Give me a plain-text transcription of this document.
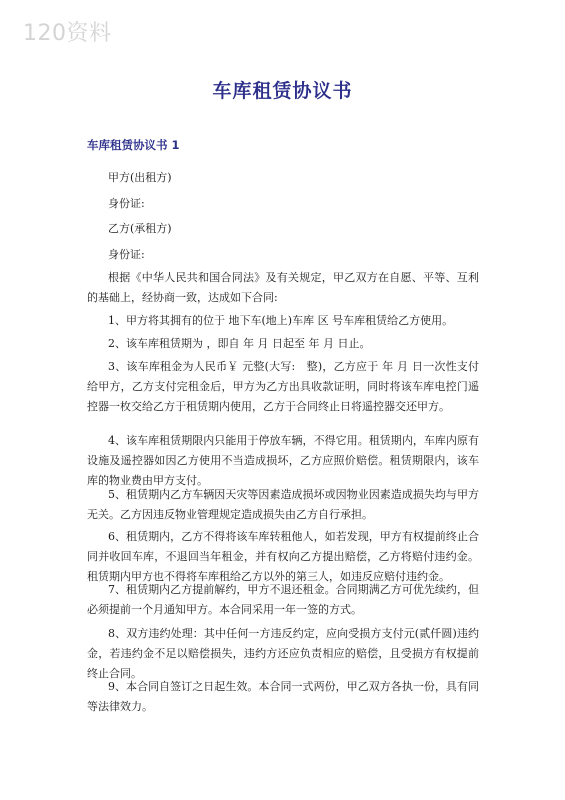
120资料
车库租赁协议书
车库租赁协议书 1
甲方(出租方)
身份证:
乙方(承租方)
身份证:

根据《中华人民共和国合同法》及有关规定，甲乙双方在自愿、平等、互利的基础上，经协商一致，达成如下合同:

1、甲方将其拥有的位于 地下车(地上)车库 区 号车库租赁给乙方使用。

2、该车库租赁期为 ，即自 年 月 日起至 年 月 日止。

3、该车库租金为人民币￥ 元整(大写:　整)，乙方应于 年 月 日一次性支付给甲方，乙方支付完租金后，甲方为乙方出具收款证明，同时将该车库电控门遥控器一枚交给乙方于租赁期内使用，乙方于合同终止日将遥控器交还甲方。

4、该车库租赁期限内只能用于停放车辆，不得它用。租赁期内，车库内原有设施及遥控器如因乙方使用不当造成损坏，乙方应照价赔偿。租赁期限内，该车库的物业费由甲方支付。

5、租赁期内乙方车辆因天灾等因素造成损坏或因物业因素造成损失均与甲方无关。乙方因违反物业管理规定造成损失由乙方自行承担。

6、租赁期内，乙方不得将该车库转租他人，如若发现，甲方有权提前终止合同并收回车库，不退回当年租金，并有权向乙方提出赔偿，乙方将赔付违约金。租赁期内甲方也不得将车库租给乙方以外的第三人，如违反应赔付违约金。

7、租赁期内乙方提前解约，甲方不退还租金。合同期满乙方可优先续约，但必须提前一个月通知甲方。本合同采用一年一签的方式。

8、双方违约处理：其中任何一方违反约定，应向受损方支付元(贰仟圆)违约金，若违约金不足以赔偿损失，违约方还应负责相应的赔偿，且受损方有权提前终止合同。

9、本合同自签订之日起生效。本合同一式两份，甲乙双方各执一份，具有同等法律效力。
